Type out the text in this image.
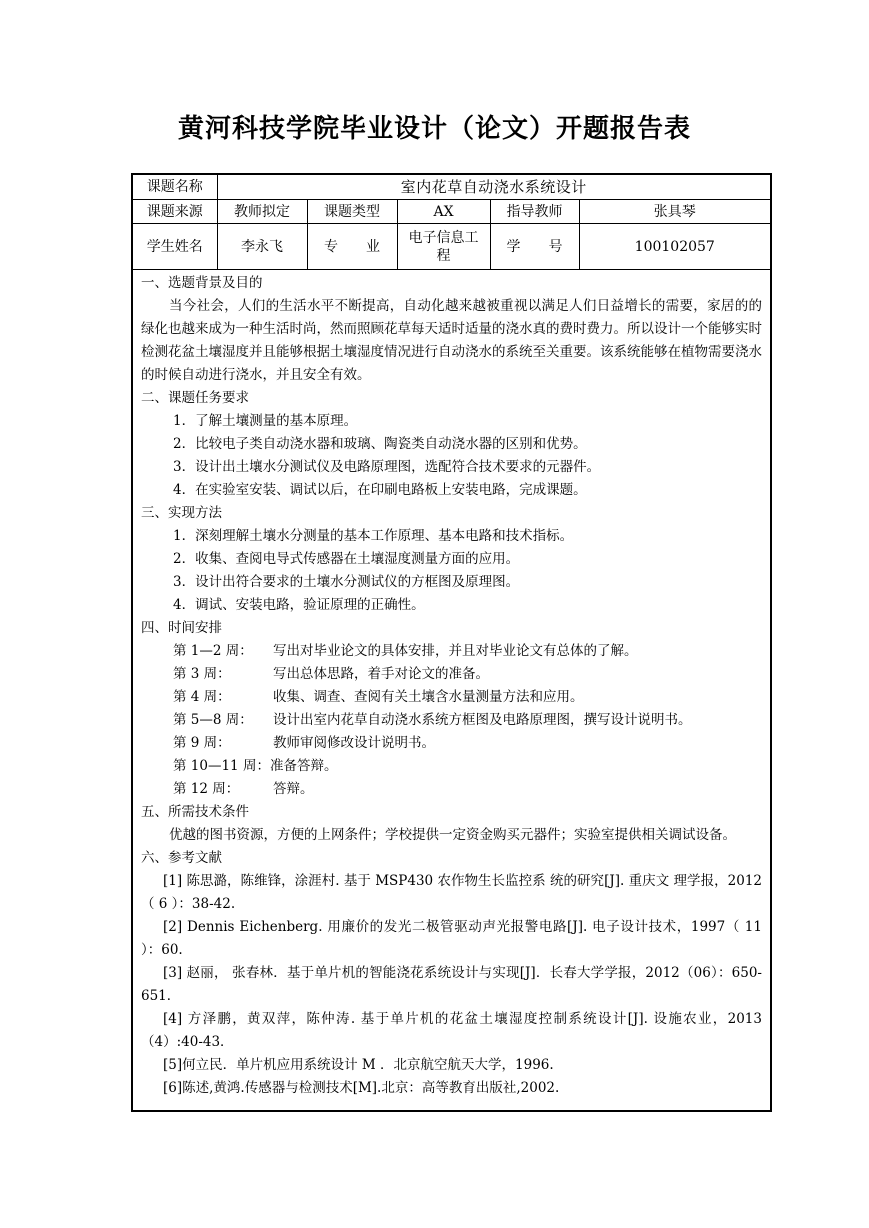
黄河科技学院毕业设计（论文）开题报告表
课题名称	室内花草自动浇水系统设计				
课题来源	教师拟定	课题类型	AX	指导教师	张具琴
学生姓名	李永飞	专　　业	电子信息工程	学　　号	100102057

一、选题背景及目的

当今社会，人们的生活水平不断提高，自动化越来越被重视以满足人们日益增长的需要，家居的的绿化也越来成为一种生活时尚，然而照顾花草每天适时适量的浇水真的费时费力。所以设计一个能够实时检测花盆土壤湿度并且能够根据土壤湿度情况进行自动浇水的系统至关重要。该系统能够在植物需要浇水的时候自动进行浇水，并且安全有效。

二、课题任务要求

1．了解土壤测量的基本原理。

2．比较电子类自动浇水器和玻璃、陶瓷类自动浇水器的区别和优势。

3．设计出土壤水分测试仪及电路原理图，选配符合技术要求的元器件。

4．在实验室安装、调试以后，在印刷电路板上安装电路，完成课题。

三、实现方法

1．深刻理解土壤水分测量的基本工作原理、基本电路和技术指标。

2．收集、查阅电导式传感器在土壤湿度测量方面的应用。

3．设计出符合要求的土壤水分测试仪的方框图及原理图。

4．调试、安装电路，验证原理的正确性。

四、时间安排

第 1—2 周：	写出对毕业论文的具体安排，并且对毕业论文有总体的了解。
第 3 周：	写出总体思路，着手对论文的准备。
第 4 周：	收集、调查、查阅有关土壤含水量测量方法和应用。
第 5—8 周：	设计出室内花草自动浇水系统方框图及电路原理图，撰写设计说明书。
第 9 周：	教师审阅修改设计说明书。
第 10—11 周： 准备答辩。
第 12 周：	答辩。

五、所需技术条件

优越的图书资源，方便的上网条件；学校提供一定资金购买元器件；实验室提供相关调试设备。

六、参考文献

[1] 陈思潞，陈维锋，涂涯村. 基于 MSP430 农作物生长监控系 统的研究[J]. 重庆文 理学报，2012（ 6 ）：38-42.

[2] Dennis Eichenberg. 用廉价的发光二极管驱动声光报警电路[J]. 电子设计技术，1997（ 11 ）：60.

[3] 赵丽， 张春林．基于单片机的智能浇花系统设计与实现[J]．长春大学学报，2012（06）：650-651．

[4] 方泽鹏，黄双萍，陈仲涛. 基于单片机的花盆土壤湿度控制系统设计[J]. 设施农业，2013（4）:40-43．

[5]何立民．单片机应用系统设计 M ．北京航空航天大学，1996.

[6]陈述,黄鸿.传感器与检测技术[M].北京：高等教育出版社,2002.
